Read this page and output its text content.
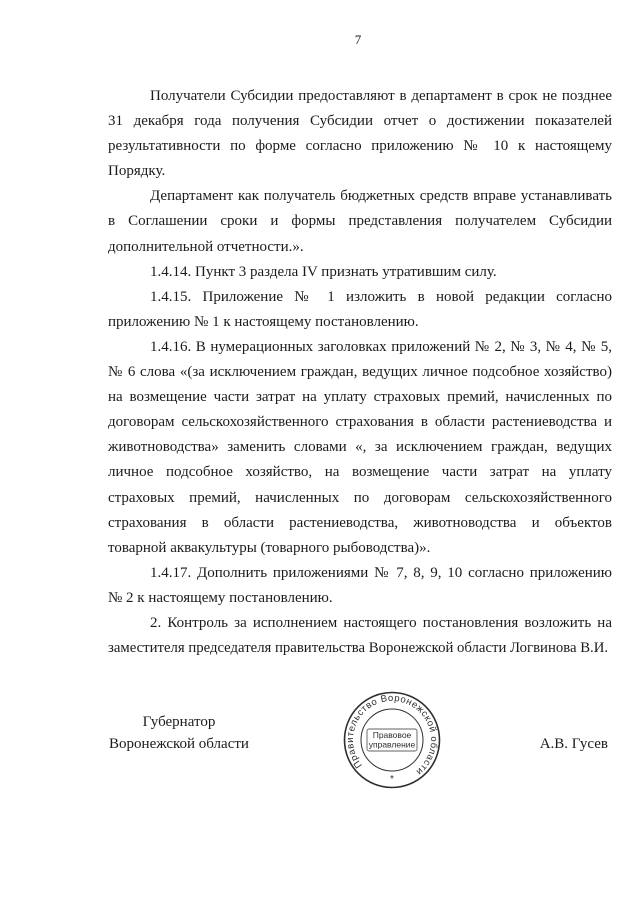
7
Получатели Субсидии предоставляют в департамент в срок не позднее
31 декабря года получения Субсидии отчет о достижении показателей
результативности по форме согласно приложению № 10 к настоящему
Порядку.
Департамент как получатель бюджетных средств вправе устанавливать
в Соглашении сроки и формы представления получателем Субсидии
дополнительной отчетности.».
1.4.14. Пункт 3 раздела IV признать утратившим силу.
1.4.15. Приложение № 1 изложить в новой редакции согласно
приложению № 1 к настоящему постановлению.
1.4.16. В нумерационных заголовках приложений № 2, № 3, № 4, № 5,
№ 6 слова «(за исключением граждан, ведущих личное подсобное хозяйство)
на возмещение части затрат на уплату страховых премий, начисленных по
договорам сельскохозяйственного страхования в области растениеводства и
животноводства» заменить словами «, за исключением граждан, ведущих
личное подсобное хозяйство, на возмещение части затрат на уплату
страховых премий, начисленных по договорам сельскохозяйственного
страхования в области растениеводства, животноводства и объектов
товарной аквакультуры (товарного рыбоводства)».
1.4.17. Дополнить приложениями № 7, 8, 9, 10 согласно приложению
№ 2 к настоящему постановлению.
2. Контроль за исполнением настоящего постановления возложить на
заместителя председателя правительства Воронежской области Логвинова В.И.
Губернатор
Воронежской области
Правительство Воронежской области
Правовое
управление
*
А.В. Гусев
